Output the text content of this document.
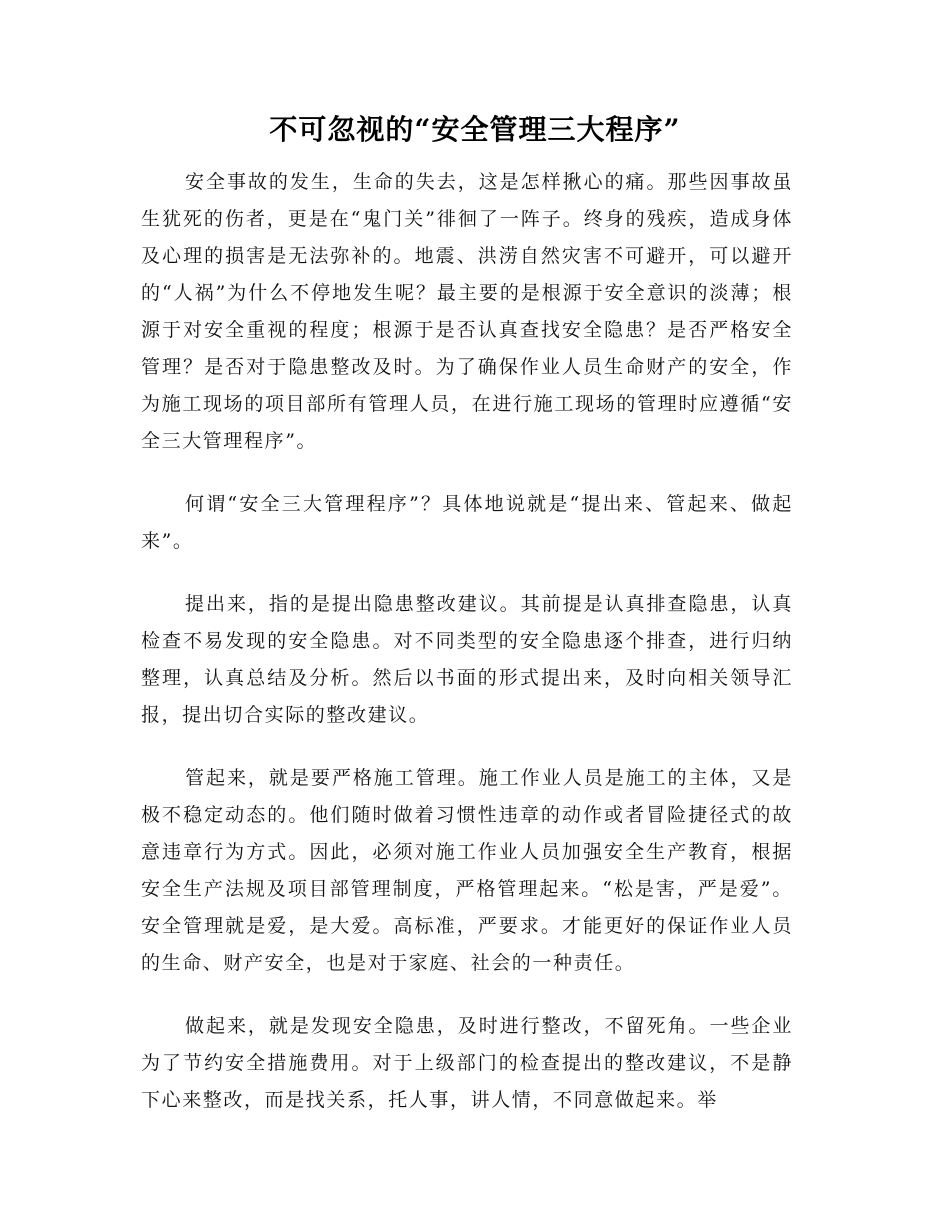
不可忽视的“安全管理三大程序”

安全事故的发生，生命的失去，这是怎样揪心的痛。那些因事故虽生犹死的伤者，更是在“鬼门关”徘徊了一阵子。终身的残疾，造成身体及心理的损害是无法弥补的。地震、洪涝自然灾害不可避开，可以避开的“人祸”为什么不停地发生呢？最主要的是根源于安全意识的淡薄；根源于对安全重视的程度；根源于是否认真查找安全隐患？是否严格安全管理？是否对于隐患整改及时。为了确保作业人员生命财产的安全，作为施工现场的项目部所有管理人员，在进行施工现场的管理时应遵循“安全三大管理程序”。

何谓“安全三大管理程序”？具体地说就是“提出来、管起来、做起来”。

提出来，指的是提出隐患整改建议。其前提是认真排查隐患，认真检查不易发现的安全隐患。对不同类型的安全隐患逐个排查，进行归纳整理，认真总结及分析。然后以书面的形式提出来，及时向相关领导汇报，提出切合实际的整改建议。

管起来，就是要严格施工管理。施工作业人员是施工的主体，又是极不稳定动态的。他们随时做着习惯性违章的动作或者冒险捷径式的故意违章行为方式。因此，必须对施工作业人员加强安全生产教育，根据安全生产法规及项目部管理制度，严格管理起来。“松是害，严是爱”。安全管理就是爱，是大爱。高标准，严要求。才能更好的保证作业人员的生命、财产安全，也是对于家庭、社会的一种责任。

做起来，就是发现安全隐患，及时进行整改，不留死角。一些企业为了节约安全措施费用。对于上级部门的检查提出的整改建议，不是静下心来整改，而是找关系，托人事，讲人情，不同意做起来。举
